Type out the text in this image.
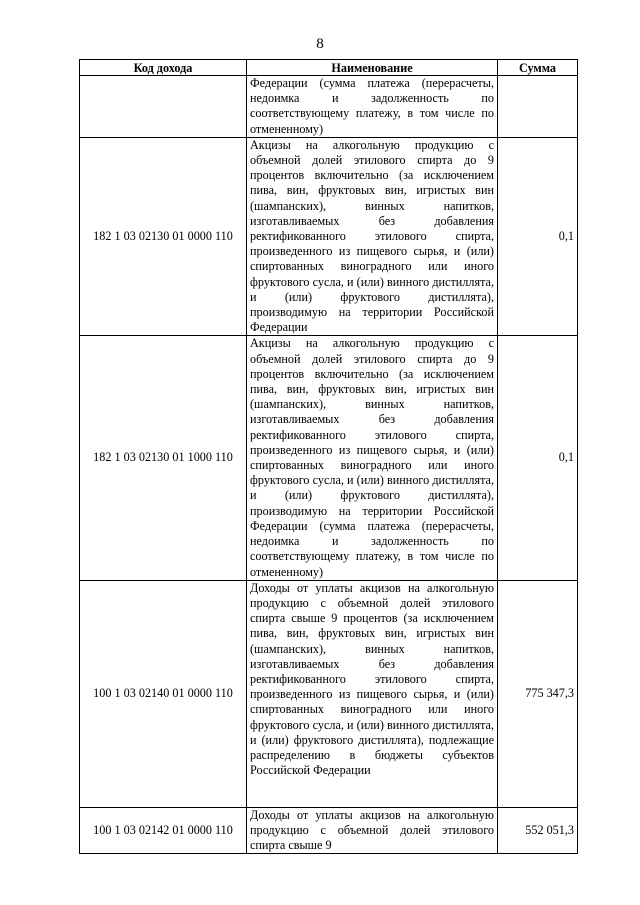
8
Код дохода	Наименование	Сумма
	Федерации (сумма платежа (перерасчеты, недоимка и задолженность по соответствующему платежу, в том числе по отмененному)	
182 1 03 02130 01 0000 110	Акцизы на алкогольную продукцию с объемной долей этилового спирта до 9 процентов включительно (за исключением пива, вин, фруктовых вин, игристых вин (шампанских), винных напитков, изготавливаемых без добавления ректификованного этилового спирта, произведенного из пищевого сырья, и (или) спиртованных виноградного или иного фруктового сусла, и (или) винного дистиллята, и (или) фруктового дистиллята), производимую на территории Российской Федерации	0,1
182 1 03 02130 01 1000 110	Акцизы на алкогольную продукцию с объемной долей этилового спирта до 9 процентов включительно (за исключением пива, вин, фруктовых вин, игристых вин (шампанских), винных напитков, изготавливаемых без добавления ректификованного этилового спирта, произведенного из пищевого сырья, и (или) спиртованных виноградного или иного фруктового сусла, и (или) винного дистиллята, и (или) фруктового дистиллята), производимую на территории Российской Федерации (сумма платежа (перерасчеты, недоимка и задолженность по соответствующему платежу, в том числе по отмененному)	0,1
100 1 03 02140 01 0000 110	Доходы от уплаты акцизов на алкогольную продукцию с объемной долей этилового спирта свыше 9 процентов (за исключением пива, вин, фруктовых вин, игристых вин (шампанских), винных напитков, изготавливаемых без добавления ректификованного этилового спирта, произведенного из пищевого сырья, и (или) спиртованных виноградного или иного фруктового сусла, и (или) винного дистиллята, и (или) фруктового дистиллята), подлежащие распределению в бюджеты субъектов Российской Федерации	775 347,3
100 1 03 02142 01 0000 110	Доходы от уплаты акцизов на алкогольную продукцию с объемной долей этилового спирта свыше 9	552 051,3
